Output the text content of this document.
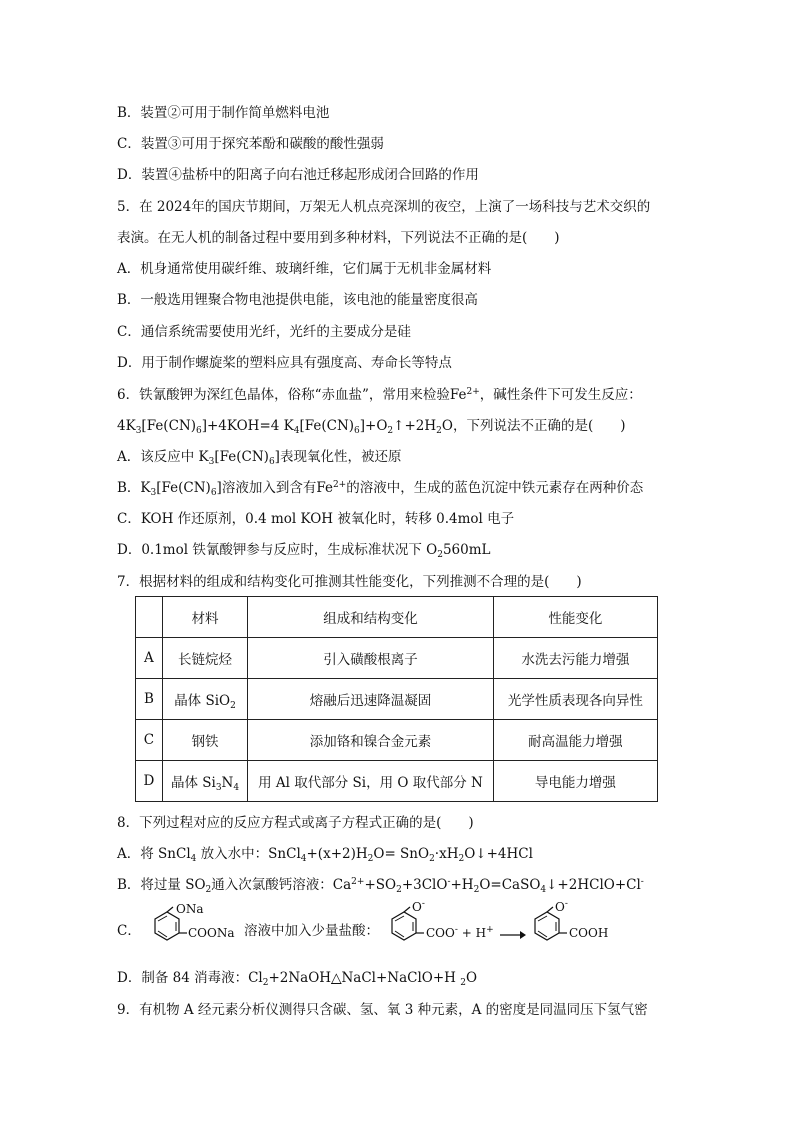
B．装置②可用于制作简单燃料电池
C．装置③可用于探究苯酚和碳酸的酸性强弱
D．装置④盐桥中的阳离子向右池迁移起形成闭合回路的作用
5．在 2024年的国庆节期间，万架无人机点亮深圳的夜空，上演了一场科技与艺术交织的
表演。在无人机的制备过程中要用到多种材料，下列说法不正确的是(　　)
A．机身通常使用碳纤维、玻璃纤维，它们属于无机非金属材料
B．一般选用锂聚合物电池提供电能，该电池的能量密度很高
C．通信系统需要使用光纤，光纤的主要成分是硅
D．用于制作螺旋桨的塑料应具有强度高、寿命长等特点
6．铁氰酸钾为深红色晶体，俗称“赤血盐”，常用来检验$Fe^{2+}$，碱性条件下可发生反应：
$4K_3[Fe(CN)_6]+4KOH=4$ $K_4[Fe(CN)_6]+O_2↑+2H_2O$，下列说法不正确的是(　　)
A．该反应中 $K_3[Fe(CN)_6]$表现氧化性，被还原
B．$K_3[Fe(CN)_6]$溶液加入到含有$Fe^{2+}$的溶液中，生成的蓝色沉淀中铁元素存在两种价态
C．KOH 作还原剂，0.4 mol KOH 被氧化时，转移 0.4mol 电子
D．0.1mol 铁氰酸钾参与反应时，生成标准状况下 $O_2560mL$
7．根据材料的组成和结构变化可推测其性能变化，下列推测不合理的是(　　)
	材料	组成和结构变化	性能变化
A	长链烷烃	引入磺酸根离子	水洗去污能力增强
B	晶体 SiO$_2$	熔融后迅速降温凝固	光学性质表现各向异性
C	钢铁	添加铬和镍合金元素	耐高温能力增强
D	晶体 $Si_3N_4$	用 Al 取代部分 Si，用 O 取代部分 N	导电能力增强
8．下列过程对应的反应方程式或离子方程式正确的是(　　)
A．将 SnCl$_4$ 放入水中：$SnCl_4+(x+2)H_2O=$ $SnO_2\cdot xH_2O↓+4HCl$
B．将过量 $SO_2$通入次氯酸钙溶液：$Ca^{2+}+SO_2+3ClO^-+H_2O=CaSO_4↓+2HClO+Cl^-$
C．
ONa
COONa 溶液中加入少量盐酸：
O-
COO- + H+ →
O-
COOH
D．制备 84 消毒液：$Cl_2+2NaOH\triangle NaCl+NaClO+H$ $_2$O
9．有机物 A 经元素分析仪测得只含碳、氢、氧 3 种元素，A 的密度是同温同压下氢气密
